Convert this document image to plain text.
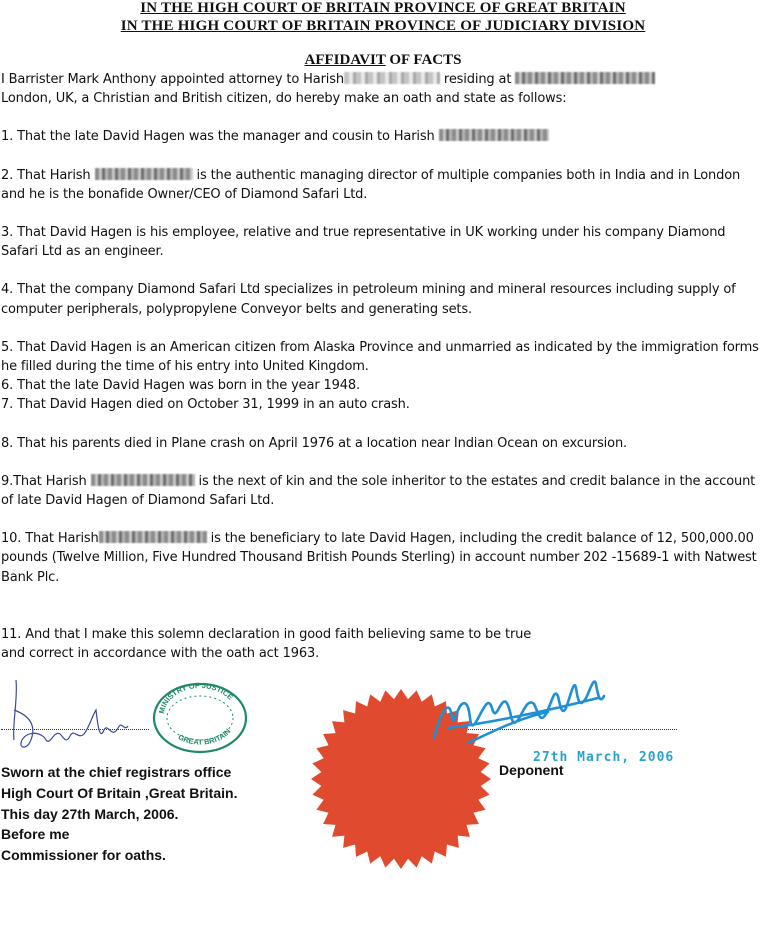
IN THE HIGH COURT OF BRITAIN PROVINCE OF GREAT BRITAIN
IN THE HIGH COURT OF BRITAIN PROVINCE OF JUDICIARY DIVISION
AFFIDAVIT OF FACTS

I Barrister Mark Anthony appointed attorney to Harish	residing at
London, UK, a Christian and British citizen, do hereby make an oath and state as follows:

1. That the late David Hagen was the manager and cousin to Harish

2. That Harish	is the authentic managing director of multiple companies both in India and in London and he is the bonafide Owner/CEO of Diamond Safari Ltd.

3. That David Hagen is his employee, relative and true representative in UK working under his company Diamond Safari Ltd as an engineer.

4. That the company Diamond Safari Ltd specializes in petroleum mining and mineral resources including supply of computer peripherals, polypropylene Conveyor belts and generating sets.

5. That David Hagen is an American citizen from Alaska Province and unmarried as indicated by the immigration forms he filled during the time of his entry into United Kingdom.

6. That the late David Hagen was born in the year 1948.

7. That David Hagen died on October 31, 1999 in an auto crash.

8. That his parents died in Plane crash on April 1976 at a location near Indian Ocean on excursion.

9.That Harish	is the next of kin and the sole inheritor to the estates and credit balance in the account of late David Hagen of Diamond Safari Ltd.

10. That Harish	is the beneficiary to late David Hagen, including the credit balance of 12, 500,000.00 pounds (Twelve Million, Five Hundred Thousand British Pounds Sterling) in account number 202 -15689-1 with Natwest Bank Plc.

11. And that I make this solemn declaration in good faith believing same to be true
and correct in accordance with the oath act 1963.

MINISTRY OF JUSTICE
GREAT BRITAIN
27th March, 2006

Sworn at the chief registrars office

High Court Of Britain ,Great Britain.

This day 27th March, 2006.

Before me

Commissioner for oaths.

Deponent
